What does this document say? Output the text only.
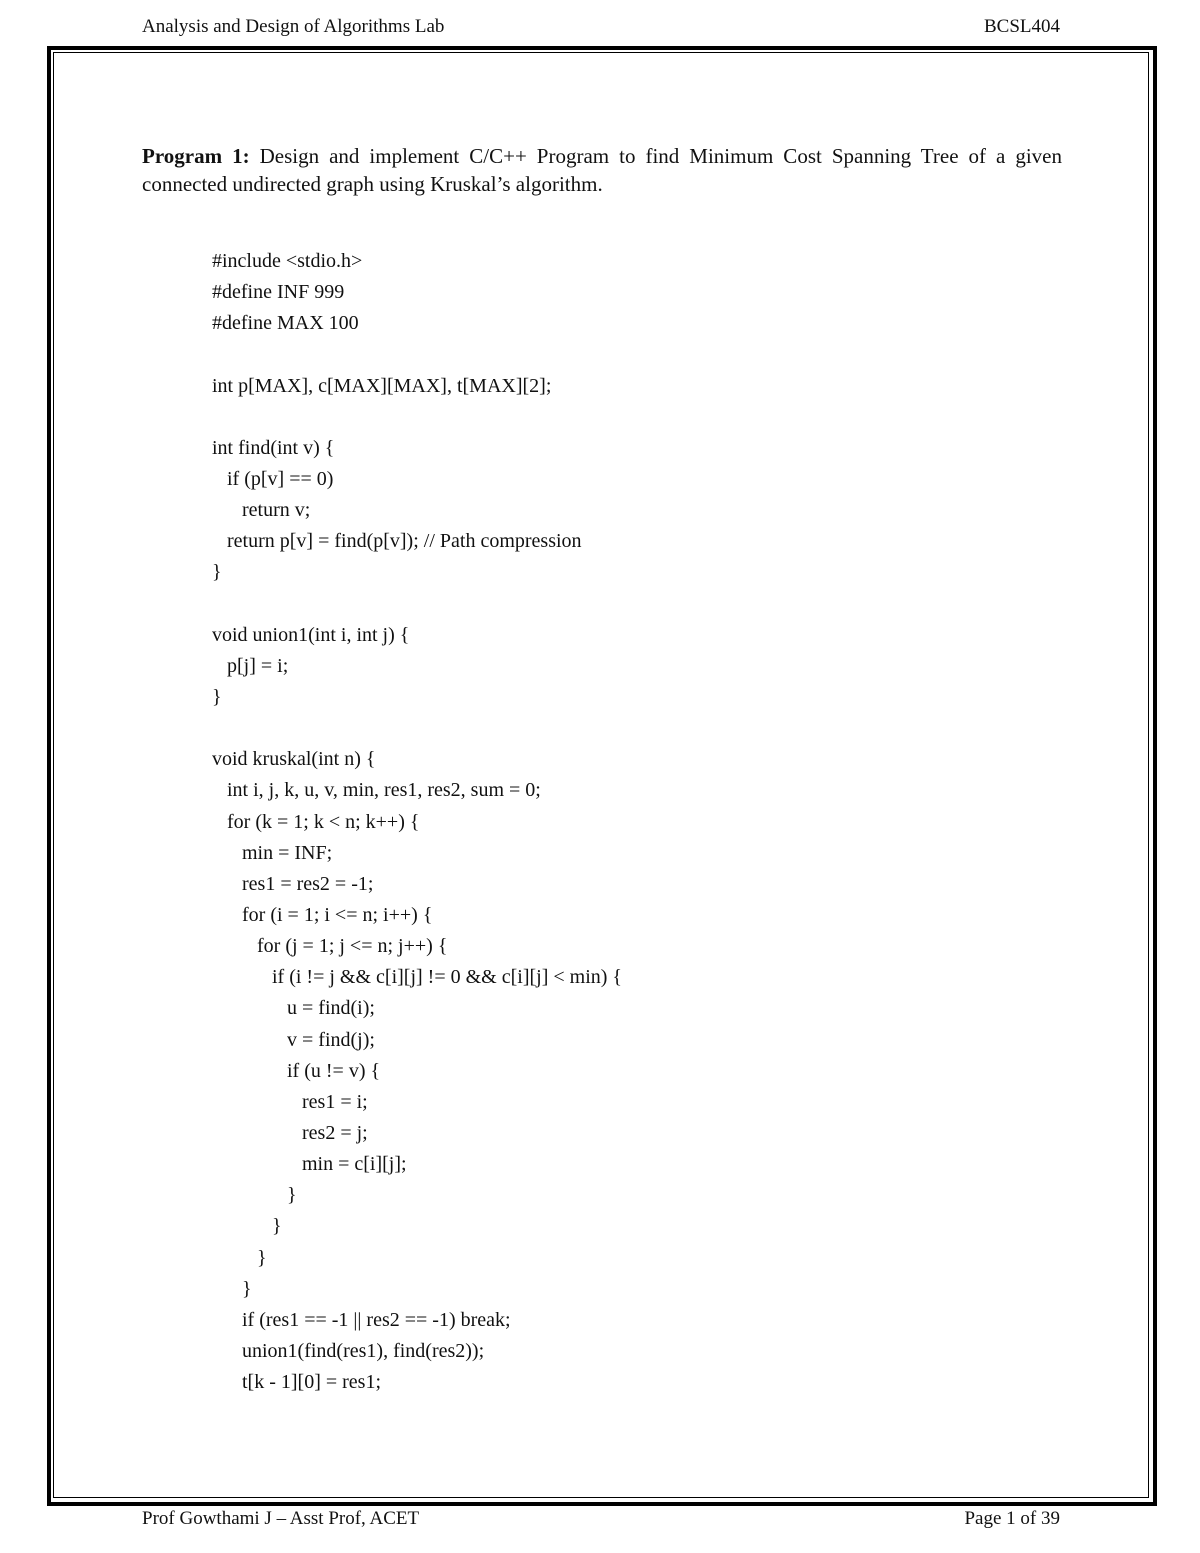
Analysis and Design of Algorithms Lab	BCSL404
Program 1: Design and implement C/C++ Program to find Minimum Cost Spanning Tree of a given connected undirected graph using Kruskal’s algorithm.
#include <stdio.h>
#define INF 999
#define MAX 100
int p[MAX], c[MAX][MAX], t[MAX][2];
int find(int v) {
if (p[v] == 0)
return v;
return p[v] = find(p[v]); // Path compression
}
void union1(int i, int j) {
p[j] = i;
}
void kruskal(int n) {
int i, j, k, u, v, min, res1, res2, sum = 0;
for (k = 1; k < n; k++) {
min = INF;
res1 = res2 = -1;
for (i = 1; i <= n; i++) {
for (j = 1; j <= n; j++) {
if (i != j && c[i][j] != 0 && c[i][j] < min) {
u = find(i);
v = find(j);
if (u != v) {
res1 = i;
res2 = j;
min = c[i][j];
}
}
}
}
if (res1 == -1 || res2 == -1) break;
union1(find(res1), find(res2));
t[k - 1][0] = res1;
Prof Gowthami J – Asst Prof, ACET	Page 1 of 39
